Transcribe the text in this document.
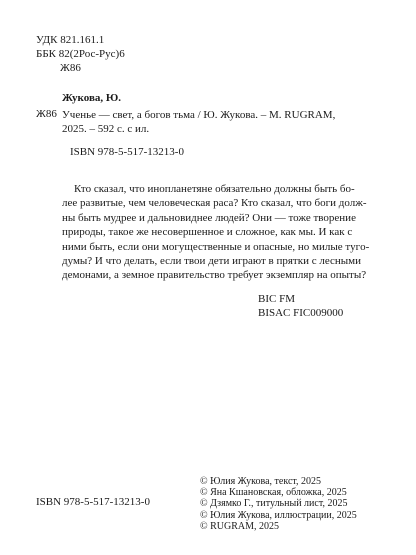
УДК 821.161.1
ББК 82(2Рос-Рус)6
Ж86
Жукова, Ю.
Ж86 Ученье — свет, а богов тьма / Ю. Жукова. – М. RUGRAM,
2025. – 592 с. с ил.
ISBN 978-5-517-13213-0
Кто сказал, что инопланетяне обязательно должны быть бо-
лее развитые, чем человеческая раса? Кто сказал, что боги долж-
ны быть мудрее и дальновиднее людей? Они — тоже творение
природы, такое же несовершенное и сложное, как мы. И как с
ними быть, если они могущественные и опасные, но милые тугo-
думы? И что делать, если твои дети играют в прятки с лесными
демонами, а земное правительство требует экземпляр на опыты?
BIC FM
BISAC FIC009000
© Юлия Жукова, текст, 2025
© Яна Кшановская, обложка, 2025
© Дзямко Г., титульный лист, 2025
© Юлия Жукова, иллюстрации, 2025
© RUGRAM, 2025
ISBN 978-5-517-13213-0
